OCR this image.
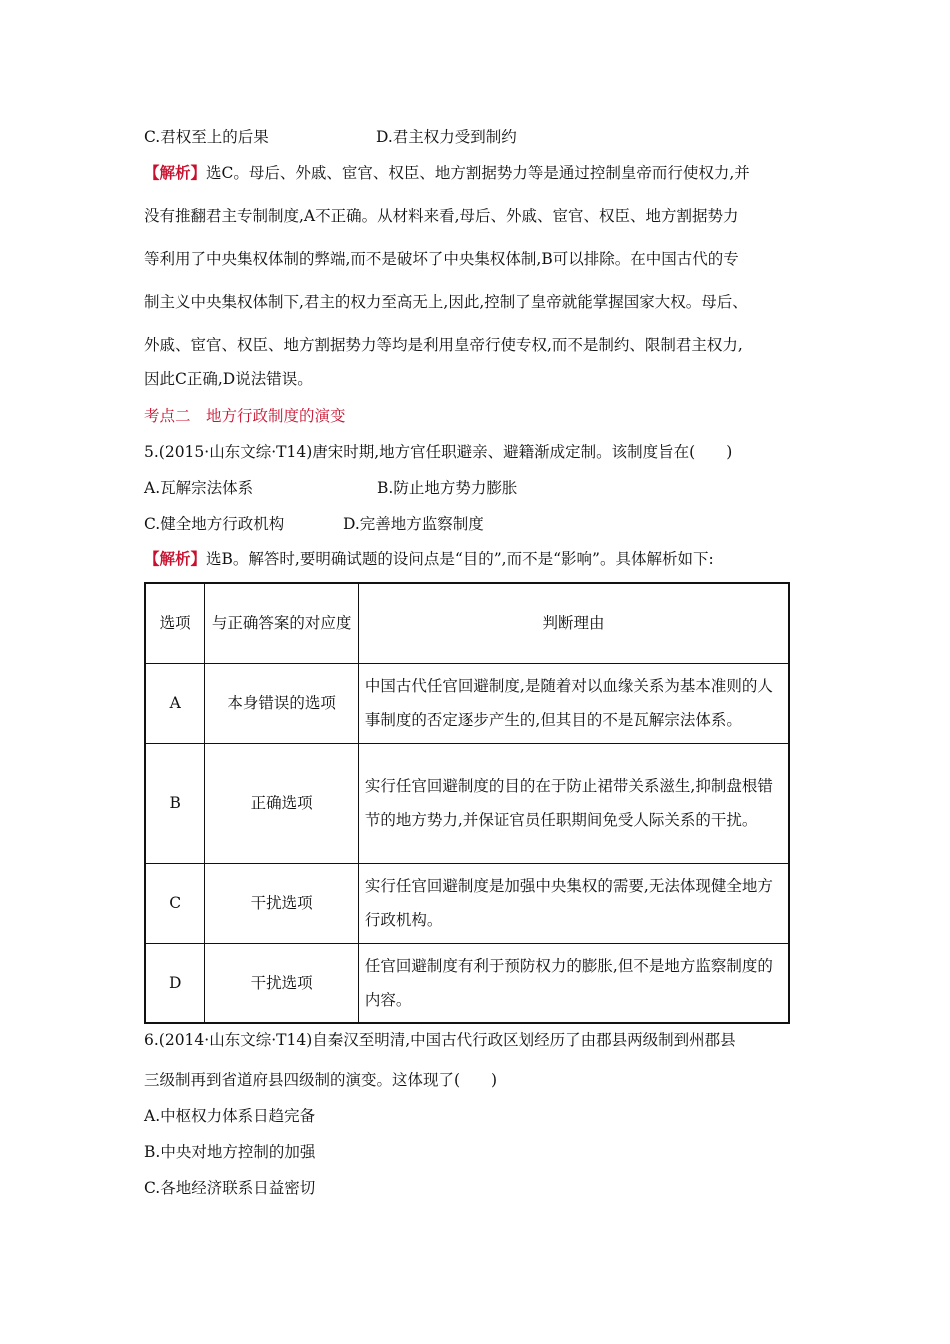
C.君权至上的后果	D.君主权力受到制约
【解析】选C。母后、外戚、宦官、权臣、地方割据势力等是通过控制皇帝而行使权力,并
没有推翻君主专制制度,A不正确。从材料来看,母后、外戚、宦官、权臣、地方割据势力
等利用了中央集权体制的弊端,而不是破坏了中央集权体制,B可以排除。在中国古代的专
制主义中央集权体制下,君主的权力至高无上,因此,控制了皇帝就能掌握国家大权。母后、
外戚、宦官、权臣、地方割据势力等均是利用皇帝行使专权,而不是制约、限制君主权力,
因此C正确,D说法错误。
考点二　地方行政制度的演变
5.(2015·山东文综·T14)唐宋时期,地方官任职避亲、避籍渐成定制。该制度旨在(　　)
A.瓦解宗法体系	B.防止地方势力膨胀
C.健全地方行政机构	D.完善地方监察制度
【解析】选B。解答时,要明确试题的设问点是“目的”,而不是“影响”。具体解析如下:
选项	与正确答案的对应度	判断理由
A	本身错误的选项	中国古代任官回避制度,是随着对以血缘关系为基本准则的人事制度的否定逐步产生的,但其目的不是瓦解宗法体系。
B	正确选项	实行任官回避制度的目的在于防止裙带关系滋生,抑制盘根错节的地方势力,并保证官员任职期间免受人际关系的干扰。
C	干扰选项	实行任官回避制度是加强中央集权的需要,无法体现健全地方行政机构。
D	干扰选项	任官回避制度有利于预防权力的膨胀,但不是地方监察制度的内容。
6.(2014·山东文综·T14)自秦汉至明清,中国古代行政区划经历了由郡县两级制到州郡县
三级制再到省道府县四级制的演变。这体现了(　　)
A.中枢权力体系日趋完备
B.中央对地方控制的加强
C.各地经济联系日益密切
